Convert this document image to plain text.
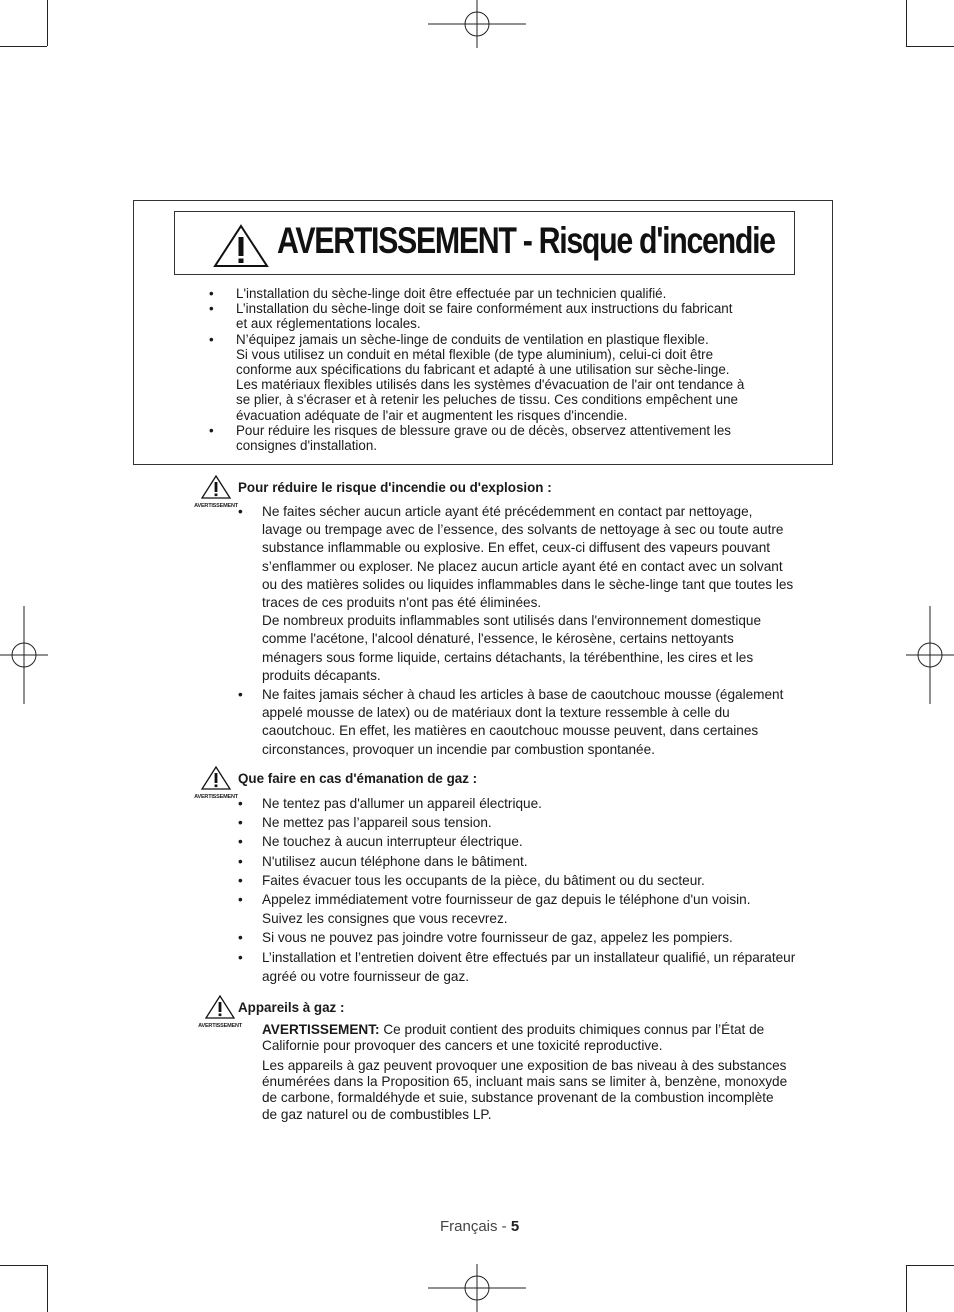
AVERTISSEMENT - Risque d'incendie
• L'installation du sèche-linge doit être effectuée par un technicien qualifié.
• L’installation du sèche-linge doit se faire conformément aux instructions du fabricant
et aux réglementations locales.
• N’équipez jamais un sèche-linge de conduits de ventilation en plastique flexible.
Si vous utilisez un conduit en métal flexible (de type aluminium), celui-ci doit être
conforme aux spécifications du fabricant et adapté à une utilisation sur sèche-linge.
Les matériaux flexibles utilisés dans les systèmes d'évacuation de l'air ont tendance à
se plier, à s'écraser et à retenir les peluches de tissu. Ces conditions empêchent une
évacuation adéquate de l'air et augmentent les risques d'incendie.
• Pour réduire les risques de blessure grave ou de décès, observez attentivement les
consignes d'installation.
AVERTISSEMENT
Pour réduire le risque d'incendie ou d'explosion :
• Ne faites sécher aucun article ayant été précédemment en contact par nettoyage,
lavage ou trempage avec de l’essence, des solvants de nettoyage à sec ou toute autre
substance inflammable ou explosive. En effet, ceux-ci diffusent des vapeurs pouvant
s’enflammer ou exploser. Ne placez aucun article ayant été en contact avec un solvant
ou des matières solides ou liquides inflammables dans le sèche-linge tant que toutes les
traces de ces produits n'ont pas été éliminées.
De nombreux produits inflammables sont utilisés dans l'environnement domestique
comme l'acétone, l'alcool dénaturé, l'essence, le kérosène, certains nettoyants
ménagers sous forme liquide, certains détachants, la térébenthine, les cires et les
produits décapants.
• Ne faites jamais sécher à chaud les articles à base de caoutchouc mousse (également
appelé mousse de latex) ou de matériaux dont la texture ressemble à celle du
caoutchouc. En effet, les matières en caoutchouc mousse peuvent, dans certaines
circonstances, provoquer un incendie par combustion spontanée.
AVERTISSEMENT
Que faire en cas d'émanation de gaz :
• Ne tentez pas d'allumer un appareil électrique.
• Ne mettez pas l’appareil sous tension.
• Ne touchez à aucun interrupteur électrique.
• N'utilisez aucun téléphone dans le bâtiment.
• Faites évacuer tous les occupants de la pièce, du bâtiment ou du secteur.
• Appelez immédiatement votre fournisseur de gaz depuis le téléphone d'un voisin.
Suivez les consignes que vous recevrez.
• Si vous ne pouvez pas joindre votre fournisseur de gaz, appelez les pompiers.
• L’installation et l’entretien doivent être effectués par un installateur qualifié, un réparateur
agréé ou votre fournisseur de gaz.
AVERTISSEMENT
Appareils à gaz :
AVERTISSEMENT: Ce produit contient des produits chimiques connus par l’État de
Californie pour provoquer des cancers et une toxicité reproductive.
Les appareils à gaz peuvent provoquer une exposition de bas niveau à des substances
énumérées dans la Proposition 65, incluant mais sans se limiter à, benzène, monoxyde
de carbone, formaldéhyde et suie, substance provenant de la combustion incomplète
de gaz naturel ou de combustibles LP.
Français - 5
